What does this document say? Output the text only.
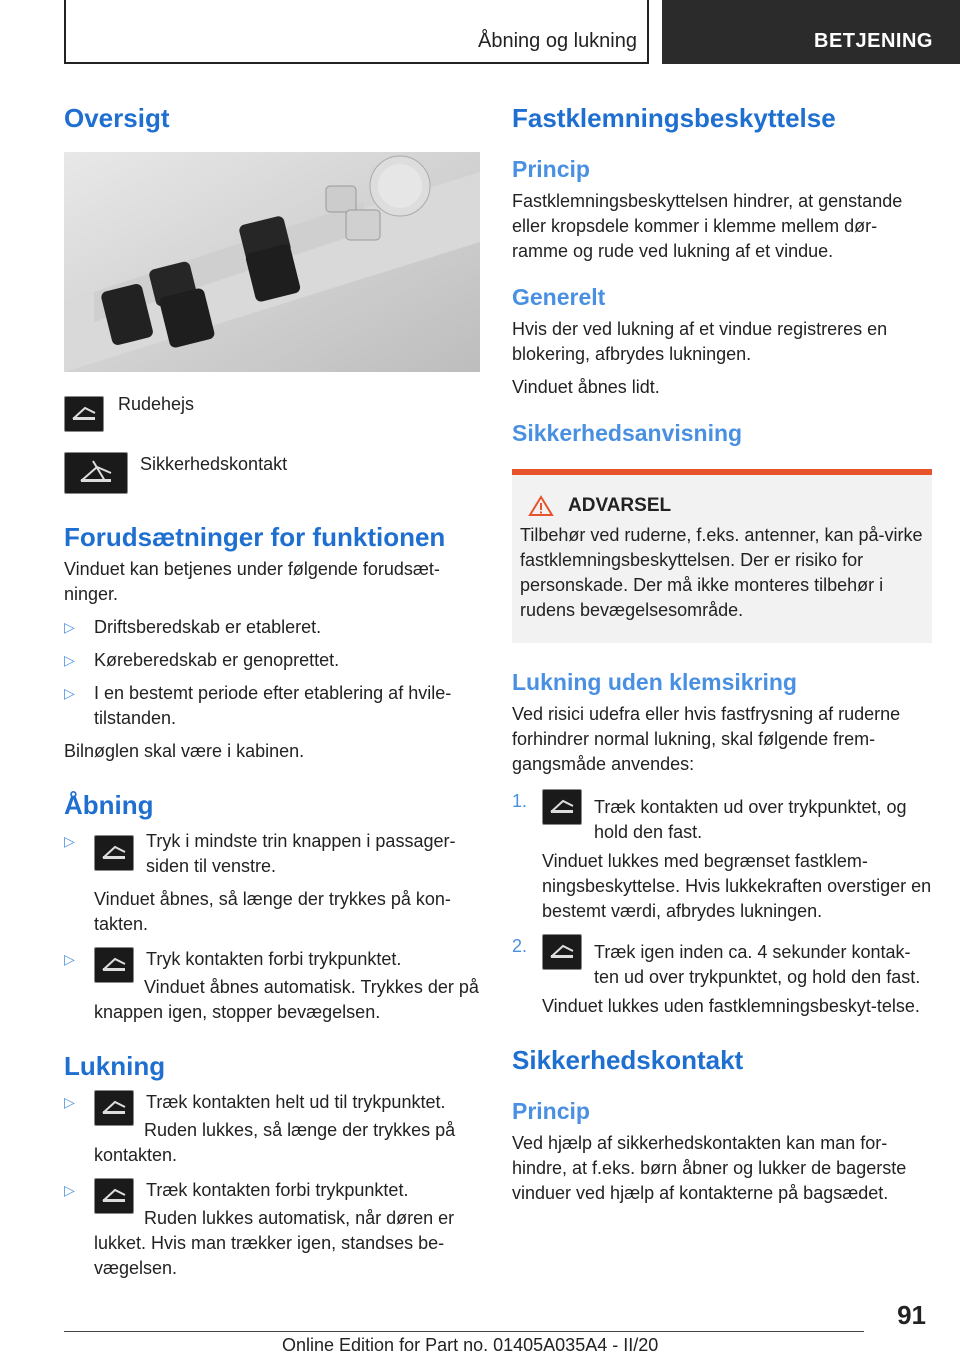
Åbning og lukning	BETJENING
Oversigt

Rudehejs

Sikkerhedskontakt

Forudsætninger for funktionen

Vinduet kan betjenes under følgende forudsæt-ninger.

▷	Driftsberedskab er etableret.

▷	Køreberedskab er genoprettet.

▷	I en bestemt periode efter etablering af hvile-tilstanden.

Bilnøglen skal være i kabinen.

Åbning
▷	Tryk i mindste trin knappen i passager-siden til venstre.

Vinduet åbnes, så længe der trykkes på kon-takten.

▷	Tryk kontakten forbi trykpunktet.

Vinduet åbnes automatisk. Trykkes der på knappen igen, stopper bevægelsen.

Lukning
▷	Træk kontakten helt ud til trykpunktet.

Ruden lukkes, så længe der trykkes på kontakten.

▷	Træk kontakten forbi trykpunktet.

Ruden lukkes automatisk, når døren er lukket. Hvis man trækker igen, standses be-vægelsen.

Fastklemningsbeskyttelse
Princip

Fastklemningsbeskyttelsen hindrer, at genstande eller kropsdele kommer i klemme mellem dør-ramme og rude ved lukning af et vindue.

Generelt

Hvis der ved lukning af et vindue registreres en blokering, afbrydes lukningen.

Vinduet åbnes lidt.

Sikkerhedsanvisning
ADVARSEL

Tilbehør ved ruderne, f.eks. antenner, kan på-virke fastklemningsbeskyttelsen. Der er risiko for personskade. Der må ikke monteres tilbehør i rudens bevægelsesområde.

Lukning uden klemsikring

Ved risici udefra eller hvis fastfrysning af ruderne forhindrer normal lukning, skal følgende frem-gangsmåde anvendes:

1.	Træk kontakten ud over trykpunktet, og hold den fast.

Vinduet lukkes med begrænset fastklem-ningsbeskyttelse. Hvis lukkekraften overstiger en bestemt værdi, afbrydes lukningen.

2.	Træk igen inden ca. 4 sekunder kontak-ten ud over trykpunktet, og hold den fast.

Vinduet lukkes uden fastklemningsbeskyt-telse.

Sikkerhedskontakt
Princip

Ved hjælp af sikkerhedskontakten kan man for-hindre, at f.eks. børn åbner og lukker de bagerste vinduer ved hjælp af kontakterne på bagsædet.

91
Online Edition for Part no. 01405A035A4 - II/20
